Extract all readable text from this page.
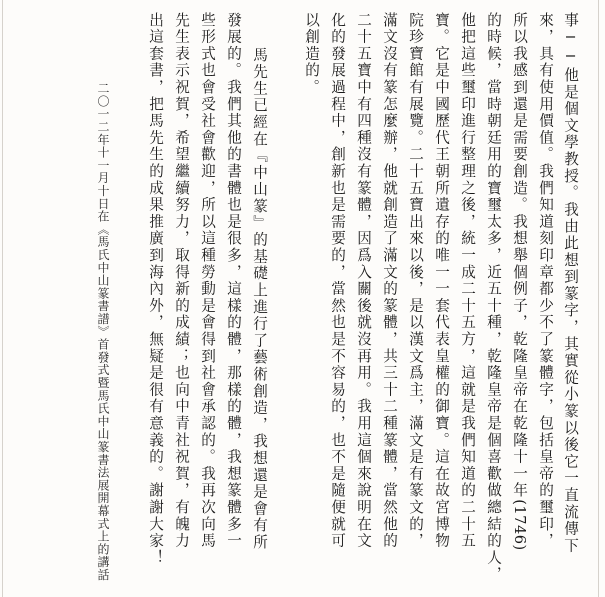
事──他是個文學教授。我由此想到篆字，其實從小篆以後它一直流傳下
來，具有使用價值。我們知道刻印章都少不了篆體字，包括皇帝的璽印，
所以我感到還是需要創造。我想舉個例子，乾隆皇帝在乾隆十一年(1746)
的時候，當時朝廷用的寶璽太多，近五十種，乾隆皇帝是個喜歡做總結的人，
他把這些璽印進行整理之後，統一成二十五方，這就是我們知道的二十五
寶。它是中國歷代王朝所遺存的唯一一套代表皇權的御寶。這在故宮博物
院珍寶館有展覽。二十五寶出來以後，是以漢文爲主，滿文是有篆文的，
滿文沒有篆怎麼辦，他就創造了滿文的篆體，共三十二種篆體，當然他的
二十五寶中有四種沒有篆體，因爲入關後就沒再用。我用這個來說明在文
化的發展過程中，創新也是需要的，當然也是不容易的，也不是隨便就可
以創造的。
馬先生已經在『中山篆』的基礎上進行了藝術創造，我想還是會有所
發展的。我們其他的書體也是很多，這樣的體，那樣的體，我想篆體多一
些形式也會受社會歡迎，所以這種勞動是會得到社會承認的。我再次向馬
先生表示祝賀，希望繼續努力，取得新的成績；也向中青社祝賀，有魄力
出這套書，把馬先生的成果推廣到海內外，無疑是很有意義的。謝謝大家！
二〇一二年十一月十日在《馬氏中山篆書譜》首發式暨馬氏中山篆書法展開幕式上的講話
